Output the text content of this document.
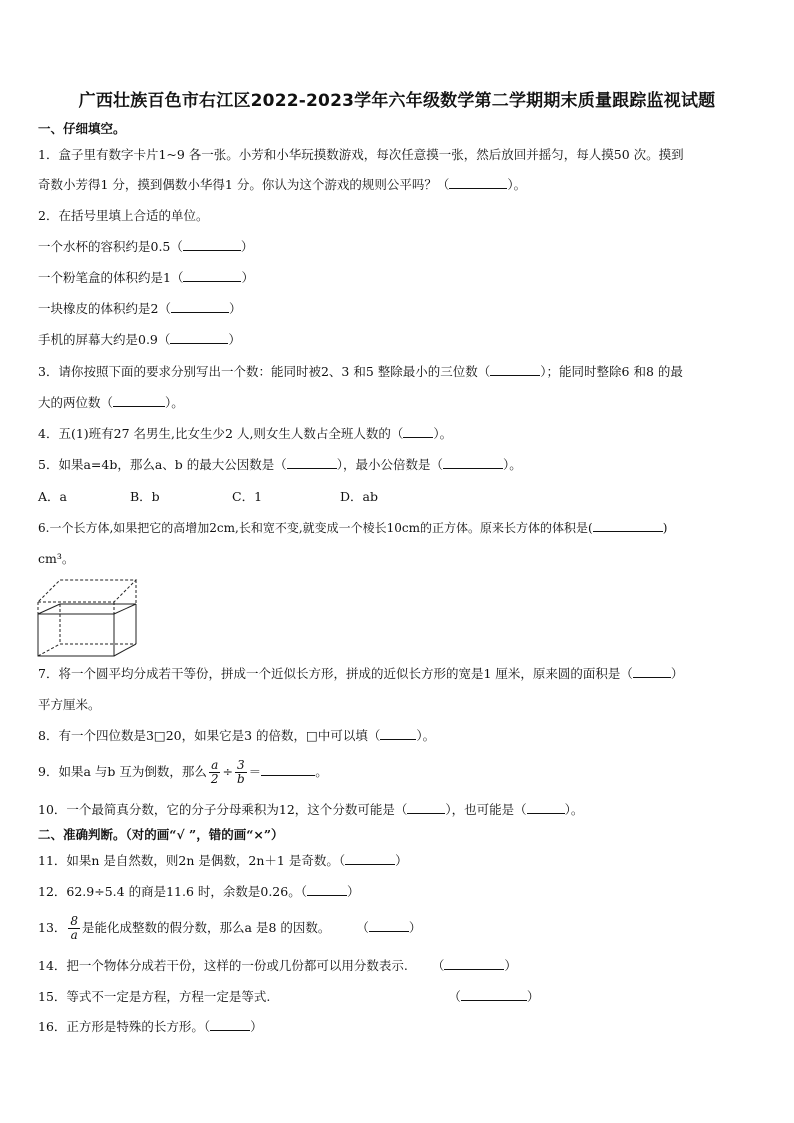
广西壮族百色市右江区2022-2023学年六年级数学第二学期期末质量跟踪监视试题
一、仔细填空。
1．盒子里有数字卡片1~9 各一张。小芳和小华玩摸数游戏，每次任意摸一张，然后放回并摇匀，每人摸50 次。摸到
奇数小芳得1 分，摸到偶数小华得1 分。你认为这个游戏的规则公平吗？（	）。
2．在括号里填上合适的单位。
一个水杯的容积约是0.5（	）
一个粉笔盒的体积约是1（	）
一块橡皮的体积约是2（	）
手机的屏幕大约是0.9（	）
3．请你按照下面的要求分别写出一个数：能同时被2、3 和5 整除最小的三位数（	）；能同时整除6 和8 的最
大的两位数（	）。
4．五(1)班有27 名男生,比女生少2 人,则女生人数占全班人数的（ ）。
5．如果a=4b，那么a、b 的最大公因数是（	），最小公倍数是（	）。
A．a	B．b	C．1	D．ab
6.一个长方体,如果把它的高增加2cm,长和宽不变,就变成一个棱长10cm的正方体。原来长方体的体积是(	)
cm³。
7．将一个圆平均分成若干等份，拼成一个近似长方形，拼成的近似长方形的宽是1 厘米，原来圆的面积是（	）
平方厘米。
8．有一个四位数是3□20，如果它是3 的倍数，□中可以填（	）。
9．如果a 与b 互为倒数，那么 $\frac{a}{2} \div \frac{3}{b}$ ＝	。
10．一个最简真分数，它的分子分母乘积为12，这个分数可能是（	），也可能是（	）。
二、准确判断。（对的画“√ ”，错的画“×”）
11．如果n 是自然数，则2n 是偶数，2n＋1 是奇数。（	）
12．62.9÷5.4 的商是11.6 时，余数是0.26。（	）
13． $\frac{8}{a}$ 是能化成整数的假分数，那么a 是8 的因数。 （	）
14．把一个物体分成若干份，这样的一份或几份都可以用分数表示. （	）
15．等式不一定是方程，方程一定是等式.	（	）
16．正方形是特殊的长方形。（	）
